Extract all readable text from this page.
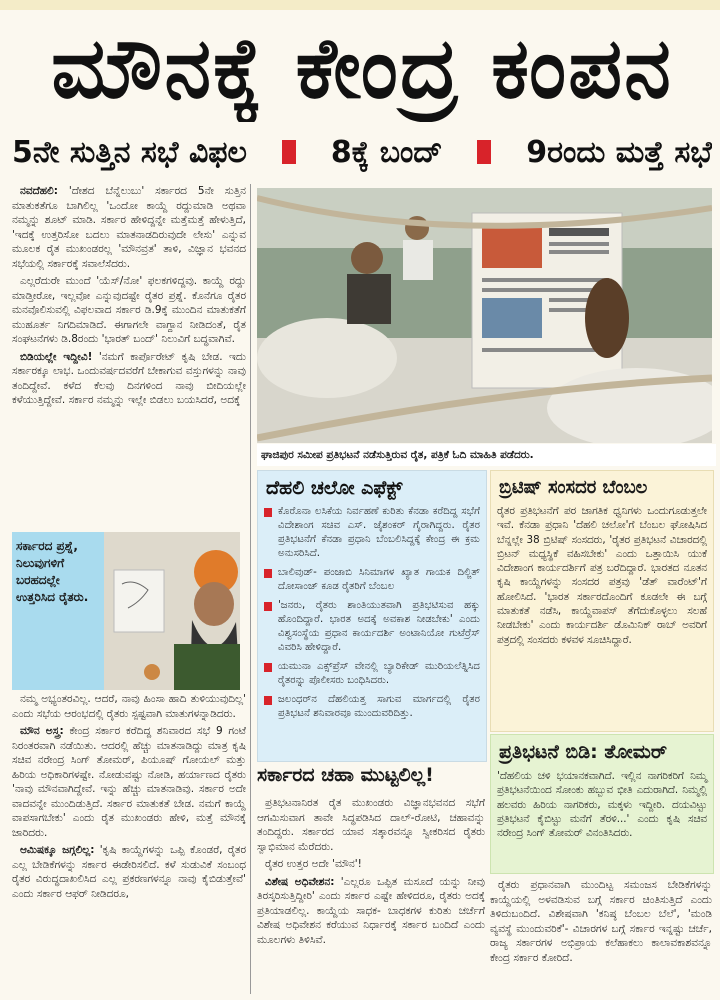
ಮೌನಕ್ಕೆ ಕೇಂದ್ರ ಕಂಪನ
5ನೇ ಸುತ್ತಿನ ಸಭೆ ವಿಫಲ	8ಕ್ಕೆ ಬಂದ್	9ರಂದು ಮತ್ತೆ ಸಭೆ

ನವದೆಹಲಿ: 'ದೇಶದ ಬೆನ್ನೆಲುಬು' ಸರ್ಕಾರದ 5ನೇ ಸುತ್ತಿನ ಮಾತುಕತೆಗೂ ಬಾಗಿಲಿಲ್ಲ 'ಒಂದೋ ಕಾಯ್ದೆ ರದ್ದುಮಾಡಿ ಅಥವಾ ನಮ್ಮನ್ನು ಶೂಟ್ ಮಾಡಿ. ಸರ್ಕಾರ ಹೇಳಿದ್ದನ್ನೇ ಮತ್ತೆಮತ್ತೆ ಹೇಳುತ್ತಿದೆ, 'ಇದಕ್ಕೆ ಉತ್ತರಿಸೋ ಬದಲು ಮಾತನಾಡದಿರುವುದೇ ಲೇಸು' ಎನ್ನುವ ಮೂಲಕ ರೈತ ಮುಖಂಡರಲ್ಲ 'ಮೌನವ್ರತ' ತಾಳಿ, ವಿಜ್ಞಾನ ಭವನದ ಸಭೆಯಲ್ಲಿ ಸರ್ಕಾರಕ್ಕೆ ಸವಾಲೆಸೆದರು.

ಎಲ್ಲರೆದುರೇ ಮುಂದೆ 'ಯೆಸ್/ನೋ' ಫಲಕಗಳಿದ್ದವು. ಕಾಯ್ದೆ ರದ್ದು ಮಾಡ್ತೀರೋ, ಇಲ್ಲವೋ ಎನ್ನುವುದಷ್ಟೇ ರೈತರ ಪ್ರಶ್ನೆ. ಕೊನೆಗೂ ರೈತರ ಮನವೊಲಿಸುವಲ್ಲಿ ವಿಫಲವಾದ ಸರ್ಕಾರ ಡಿ.9ಕ್ಕೆ ಮುಂದಿನ ಮಾತುಕತೆಗೆ ಮುಹೂರ್ತ ನಿಗದಿಮಾಡಿದೆ. ಈಗಾಗಲೇ ವಾಗ್ದಾನ ನೀಡಿದಂತೆ, ರೈತ ಸಂಘಟನೆಗಳು ಡಿ.8ರಂದು 'ಭಾರತ್ ಬಂದ್' ನಿಲುವಿಗೆ ಬದ್ಧವಾಗಿವೆ.

ಬಿಡಿಯಲ್ಲೇ ಇದ್ದೀವಿ! 'ನಮಗೆ ಕಾರ್ಪೊರೇಟ್ ಕೃಷಿ ಬೇಡ. ಇದು ಸರ್ಕಾರಕ್ಕೂ ಲಾಭ. ಒಂದುವರ್ಷದವರೆಗೆ ಬೇಕಾಗುವ ವಸ್ತುಗಳನ್ನು ನಾವು ತಂದಿದ್ದೇವೆ. ಕಳೆದ ಕೆಲವು ದಿನಗಳಿಂದ ನಾವು ಬೀದಿಯಲ್ಲೇ ಕಳೆಯುತ್ತಿದ್ದೇವೆ. ಸರ್ಕಾರ ನಮ್ಮನ್ನು ಇಲ್ಲೇ ಬಿಡಲು ಬಯಸಿದರೆ, ಅದಕ್ಕೆ

ಸರ್ಕಾರದ ಪ್ರಶ್ನೆ, ನಿಲುವುಗಳಿಗೆ ಬರಹದಲ್ಲೇ ಉತ್ತರಿಸಿದ ರೈತರು.

ನಮ್ಮ ಅಭ್ಯಂತರವಿಲ್ಲ. ಆದರೆ, ನಾವು ಹಿಂಸಾ ಹಾದಿ ತುಳಿಯುವುದಿಲ್ಲ' ಎಂದು ಸಭೆಯ ಆರಂಭದಲ್ಲಿ ರೈತರು ಸ್ಪಷ್ಟವಾಗಿ ಮಾತುಗಳನ್ನಾಡಿದರು.

ಮೌನ ಅಸ್ತ್ರ: ಕೇಂದ್ರ ಸರ್ಕಾರ ಕರೆದಿದ್ದ ಶನಿವಾರದ ಸಭೆ 9 ಗಂಟೆ ನಿರಂತರವಾಗಿ ನಡೆಯಿತು. ಆದರಲ್ಲಿ ಹೆಚ್ಚು ಮಾತನಾಡಿದ್ದು ಮಾತ್ರ ಕೃಷಿ ಸಚಿವ ನರೇಂದ್ರ ಸಿಂಗ್ ತೋಮರ್, ಪಿಯೂಷ್ ಗೋಯಲ್ ಮತ್ತು ಹಿರಿಯ ಅಧಿಕಾರಿಗಳಷ್ಟೇ. ನೋಡುವಷ್ಟು ನೋಡಿ, ಹರ್ಯಾಣದ ರೈತರು 'ನಾವು ಮೌನವಾಗಿದ್ದೇವೆ. ಇನ್ನು ಹೆಚ್ಚು ಮಾತನಾಡಿವು. ಸರ್ಕಾರ ಅದೇ ವಾದವನ್ನೇ ಮುಂದಿಡುತ್ತಿದೆ. ಸರ್ಕಾರ ಮಾತುಕತೆ ಬೇಡ. ನಮಗೆ ಕಾಯ್ದೆ ವಾಪಸಾಗಬೇಕು' ಎಂದು ರೈತ ಮುಖಂಡರು ಹೇಳಿ, ಮತ್ತೆ ಮೌನಕ್ಕೆ ಜಾರಿದರು.

ಆಮಿಷಕ್ಕೂ ಜಗ್ಗಲಿಲ್ಲ: 'ಕೃಷಿ ಕಾಯ್ದೆಗಳನ್ನು ಒಪ್ಪಿ ಕೊಂಡರೆ, ರೈತರ ಎಲ್ಲ ಬೇಡಿಕೆಗಳನ್ನು ಸರ್ಕಾರ ಈಡೇರಿಸಲಿದೆ. ಕಳೆ ಸುಡುವಿಕೆ ಸಂಬಂಧ ರೈತರ ವಿರುದ್ಧದಾಖಲಿಸಿದ ಎಲ್ಲ ಪ್ರಕರಣಗಳನ್ನೂ ನಾವು ಕೈಬಿಡುತ್ತೇವೆ' ಎಂದು ಸರ್ಕಾರ ಆಫರ್ ನೀಡಿದರೂ,

ಘಾಜಿಪುರ ಸಮೀಪ ಪ್ರತಿಭಟನೆ ನಡೆಸುತ್ತಿರುವ ರೈತ, ಪತ್ರಿಕೆ ಓದಿ ಮಾಹಿತಿ ಪಡೆದರು.
ದೆಹಲಿ ಚಲೋ ಎಫೆಕ್ಟ್
ಕೊರೊನಾ ಲಸಿಕೆಯ ನಿರ್ವಹಣೆ ಕುರಿತು ಕೆನಡಾ ಕರೆದಿದ್ದ ಸಭೆಗೆ ವಿದೇಶಾಂಗ ಸಚಿವ ಎಸ್. ಜೈಶಂಕರ್ ಗೈರಾಗಿದ್ದರು. ರೈತರ ಪ್ರತಿಭಟನೆಗೆ ಕೆನಡಾ ಪ್ರಧಾನಿ ಬೆಂಬಲಿಸಿದ್ದಕ್ಕೆ ಕೇಂದ್ರ ಈ ಕ್ರಮ ಅನುಸರಿಸಿದೆ.
ಬಾಲಿವುಡ್- ಪಂಜಾಬಿ ಸಿನಿಮಾಗಳ ಖ್ಯಾತ ಗಾಯಕ ದಿಲ್ಜಿತ್ ದೋಸಾಂಜ್ ಕೂಡ ರೈತರಿಗೆ ಬೆಂಬಲ
'ಜನರು, ರೈತರು ಶಾಂತಿಯುತವಾಗಿ ಪ್ರತಿಭಟಿಸುವ ಹಕ್ಕು ಹೊಂದಿದ್ದಾರೆ. ಭಾರತ ಅದಕ್ಕೆ ಅವಕಾಶ ನೀಡಬೇಕು' ಎಂದು ವಿಶ್ವಸಂಸ್ಥೆಯ ಪ್ರಧಾನ ಕಾರ್ಯದರ್ಶಿ ಅಂಟಾನಿಯೋ ಗುಟೆರ್ರೆಸ್ ವಿವರಿಸಿ ಹೇಳಿದ್ದಾರೆ.
ಯಮುನಾ ಎಕ್ಸ್‌ಪ್ರೆಸ್ ವೇನಲ್ಲಿ ಬ್ಯಾರಿಕೇಡ್ ಮುರಿಯಲೆತ್ನಿಸಿದ ರೈತರನ್ನು ಪೊಲೀಸರು ಬಂಧಿಸಿದರು.
ಜಲಂಧರ್‌ನ ದೆಹಲಿಯತ್ತ ಸಾಗುವ ಮಾರ್ಗದಲ್ಲಿ ರೈತರ ಪ್ರತಿಭಟನೆ ಶನಿವಾರವೂ ಮುಂದುವರಿದಿತ್ತು.
ಬ್ರಿಟಿಷ್ ಸಂಸದರ ಬೆಂಬಲ
ರೈತರ ಪ್ರತಿಭಟನೆಗೆ ಪರ ಜಾಗತಿಕ ಧ್ವನಿಗಳು ಒಂದುಗೂಡುತ್ತಲೇ ಇವೆ. ಕೆನಡಾ ಪ್ರಧಾನಿ 'ದೆಹಲಿ ಚಲೋ'ಗೆ ಬೆಂಬಲ ಘೋಷಿಸಿದ ಬೆನ್ನಲ್ಲೇ 38 ಬ್ರಿಟಿಷ್ ಸಂಸದರು, 'ರೈತರ ಪ್ರತಿಭಟನೆ ವಿಚಾರದಲ್ಲಿ ಬ್ರಿಟನ್ ಮಧ್ಯಸ್ಥಿಕೆ ವಹಿಸಬೇಕು' ಎಂದು ಒತ್ತಾಯಿಸಿ ಯುಕೆ ವಿದೇಶಾಂಗ ಕಾರ್ಯದರ್ಶಿಗೆ ಪತ್ರ ಬರೆದಿದ್ದಾರೆ. ಭಾರತದ ನೂತನ ಕೃಷಿ ಕಾಯ್ದೆಗಳನ್ನು ಸಂಸದರ ಪತ್ರವು 'ಡೆತ್ ವಾರೆಂಟ್'ಗೆ ಹೋಲಿಸಿದೆ. 'ಭಾರತ ಸರ್ಕಾರದೊಂದಿಗೆ ಕೂಡಲೇ ಈ ಬಗ್ಗೆ ಮಾತುಕತೆ ನಡೆಸಿ, ಕಾಯ್ದೆವಾಪಸ್ ತೆಗೆದುಕೊಳ್ಳಲು ಸಲಹೆ ನೀಡಬೇಕು' ಎಂದು ಕಾರ್ಯದರ್ಶಿ ಡೊಮಿನಿಕ್ ರಾಬ್ ಅವರಿಗೆ ಪತ್ರದಲ್ಲಿ ಸಂಸದರು ಕಳವಳ ಸೂಚಿಸಿದ್ದಾರೆ.
ಪ್ರತಿಭಟನೆ ಬಿಡಿ: ತೋಮರ್
'ದೆಹಲಿಯ ಚಳಿ ಭಯಾನಕವಾಗಿದೆ. ಇಲ್ಲಿನ ನಾಗರಿಕರಿಗೆ ನಿಮ್ಮ ಪ್ರತಿಭಟನೆಯಿಂದ ಸೋಂಕು ಹಬ್ಬುವ ಭೀತಿ ಎದುರಾಗಿದೆ. ನಿಮ್ಮಲ್ಲಿ ಹಲವರು ಹಿರಿಯ ನಾಗರಿಕರು, ಮಕ್ಕಳು ಇದ್ದೀರಿ. ದಯವಿಟ್ಟು ಪ್ರತಿಭಟನೆ ಕೈಬಿಟ್ಟು ಮನೆಗೆ ತೆರಳಿ...' ಎಂದು ಕೃಷಿ ಸಚಿವ ನರೇಂದ್ರ ಸಿಂಗ್ ತೋಮರ್ ವಿನಂತಿಸಿದರು.
ಸರ್ಕಾರದ ಚಹಾ ಮುಟ್ಟಲಿಲ್ಲ!

ಪ್ರತಿಭಟನಾನಿರತ ರೈತ ಮುಖಂಡರು ವಿಜ್ಞಾನಭವನದ ಸಭೆಗೆ ಆಗಮಿಸುವಾಗ ತಾವೇ ಸಿದ್ಧಪಡಿಸಿದ ದಾಲ್-ರೋಟಿ, ಚಹಾವನ್ನು ತಂದಿದ್ದರು. ಸರ್ಕಾರದ ಯಾವ ಸತ್ಕಾರವನ್ನೂ ಸ್ವೀಕರಿಸದ ರೈತರು ಸ್ವಾಭಿಮಾನ ಮೆರೆದರು.

ರೈತರ ಉತ್ತರ ಅದೇ 'ಮೌನ'!

ವಿಶೇಷ ಅಧಿವೇಶನ: 'ಎಲ್ಲರೂ ಒಪ್ಪಿತ ಮಸೂದೆ ಯನ್ನು ನೀವು ತಿರಸ್ಕರಿಸುತ್ತಿದ್ದೀರಿ' ಎಂದು ಸರ್ಕಾರ ಎಷ್ಟೇ ಹೇಳಿದರೂ, ರೈತರು ಅದಕ್ಕೆ ಪ್ರತಿಯಾಡಲಿಲ್ಲ. ಕಾಯ್ದೆಯ ಸಾಧಕ- ಬಾಧಕಗಳ ಕುರಿತು ಚರ್ಚೆಗೆ ವಿಶೇಷ ಅಧಿವೇಶನ ಕರೆಯುವ ನಿರ್ಧಾರಕ್ಕೆ ಸರ್ಕಾರ ಬಂದಿದೆ ಎಂದು ಮೂಲಗಳು ತಿಳಿಸಿವೆ.

ರೈತರು ಪ್ರಧಾನವಾಗಿ ಮುಂದಿಟ್ಟ ಸಮಂಜಸ ಬೇಡಿಕೆಗಳನ್ನು ಕಾಯ್ದೆಯಲ್ಲಿ ಅಳವಡಿಸುವ ಬಗ್ಗೆ ಸರ್ಕಾರ ಚಿಂತಿಸುತ್ತಿದೆ ಎಂದು ತಿಳಿದುಬಂದಿದೆ. ವಿಶೇಷವಾಗಿ 'ಕನಿಷ್ಠ ಬೆಂಬಲ ಬೆಲೆ', 'ಮಂಡಿ ವ್ಯವಸ್ಥೆ ಮುಂದುವರಿಕೆ'- ವಿಚಾರಗಳ ಬಗ್ಗೆ ಸರ್ಕಾರ ಇನ್ನಷ್ಟು ಚರ್ಚೆ, ರಾಜ್ಯ ಸರ್ಕಾರಗಳ ಅಭಿಪ್ರಾಯ ಕಲೆಹಾಕಲು ಕಾಲಾವಕಾಶವನ್ನೂ ಕೇಂದ್ರ ಸರ್ಕಾರ ಕೋರಿದೆ.
